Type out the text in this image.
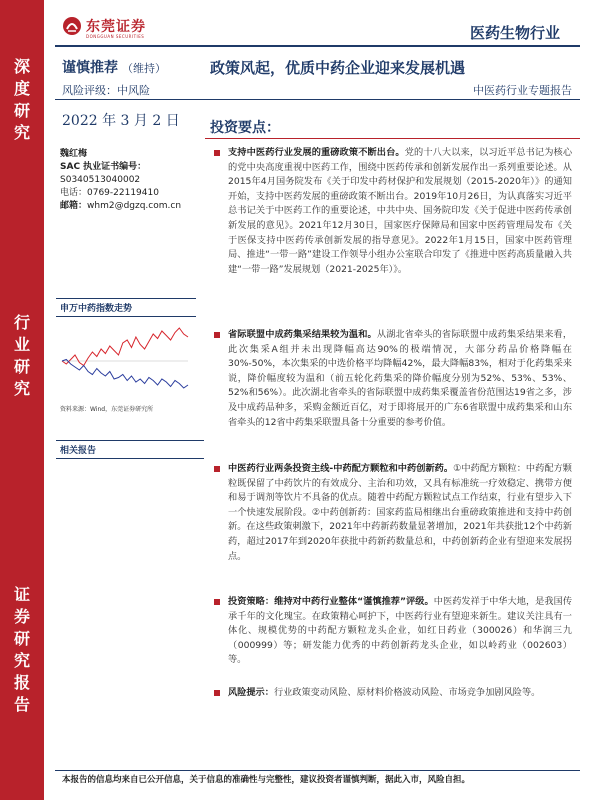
深
度
研
究
行
业
研
究
证
券
研
究
报
告
东莞证券
DONGGUAN SECURITIES	医药生物行业
谨慎推荐 （维持）
风险评级：中风险
政策风起，优质中药企业迎来发展机遇
中医药行业专题报告
2022 年 3 月 2 日 投资要点：
魏红梅
SAC 执业证书编号：
S0340513040002
电话：0769-22119410
邮箱：whm2@dgzq.com.cn
申万中药指数走势
资料来源：Wind，东莞证券研究所
相关报告
支持中医药行业发展的重磅政策不断出台。党的十八大以来，以习近平总书记为核心的党中央高度重视中医药工作，围绕中医药传承和创新发展作出一系列重要论述。从2015年4月国务院发布《关于印发中药材保护和发展规划（2015-2020年）》的通知开始，支持中医药发展的重磅政策不断出台。2019年10月26日，为认真落实习近平总书记关于中医药工作的重要论述，中共中央、国务院印发《关于促进中医药传承创新发展的意见》。2021年12月30日，国家医疗保障局和国家中医药管理局发布《关于医保支持中医药传承创新发展的指导意见》。2022年1月15日，国家中医药管理局、推进“一带一路”建设工作领导小组办公室联合印发了《推进中医药高质量融入共建“一带一路”发展规划（2021-2025年）》。
省际联盟中成药集采结果较为温和。从湖北省牵头的省际联盟中成药集采结果来看，此次集采A组并未出现降幅高达90%的极端情况，大部分药品价格降幅在30%-50%，本次集采的中选价格平均降幅42%，最大降幅83%，相对于化药集采来说，降价幅度较为温和（前五轮化药集采的降价幅度分别为52%、53%、53%、52%和56%）。此次湖北省牵头的省际联盟中成药集采覆盖省份范围达19省之多，涉及中成药品种多，采购金额近百亿，对于即将展开的广东6省联盟中成药集采和山东省牵头的12省中药集采联盟具备十分重要的参考价值。
中医药行业两条投资主线-中药配方颗粒和中药创新药。①中药配方颗粒：中药配方颗粒既保留了中药饮片的有效成分、主治和功效，又具有标准统一疗效稳定、携带方便和易于调剂等饮片不具备的优点。随着中药配方颗粒试点工作结束，行业有望步入下一个快速发展阶段。②中药创新药：国家药监局相继出台重磅政策推进和支持中药创新。在这些政策刺激下，2021年中药新药数量显著增加，2021年共获批12个中药新药，超过2017年到2020年获批中药新药数量总和，中药创新药企业有望迎来发展拐点。
投资策略：维持对中药行业整体“谨慎推荐”评级。中医药发祥于中华大地，是我国传承千年的文化瑰宝。在政策精心呵护下，中医药行业有望迎来新生。建议关注具有一体化、规模优势的中药配方颗粒龙头企业，如红日药业（300026）和华润三九（000999）等；研发能力优秀的中药创新药龙头企业，如以岭药业（002603）等。
风险提示：行业政策变动风险、原材料价格波动风险、市场竞争加剧风险等。
本报告的信息均来自已公开信息，关于信息的准确性与完整性，建议投资者谨慎判断，据此入市，风险自担。
